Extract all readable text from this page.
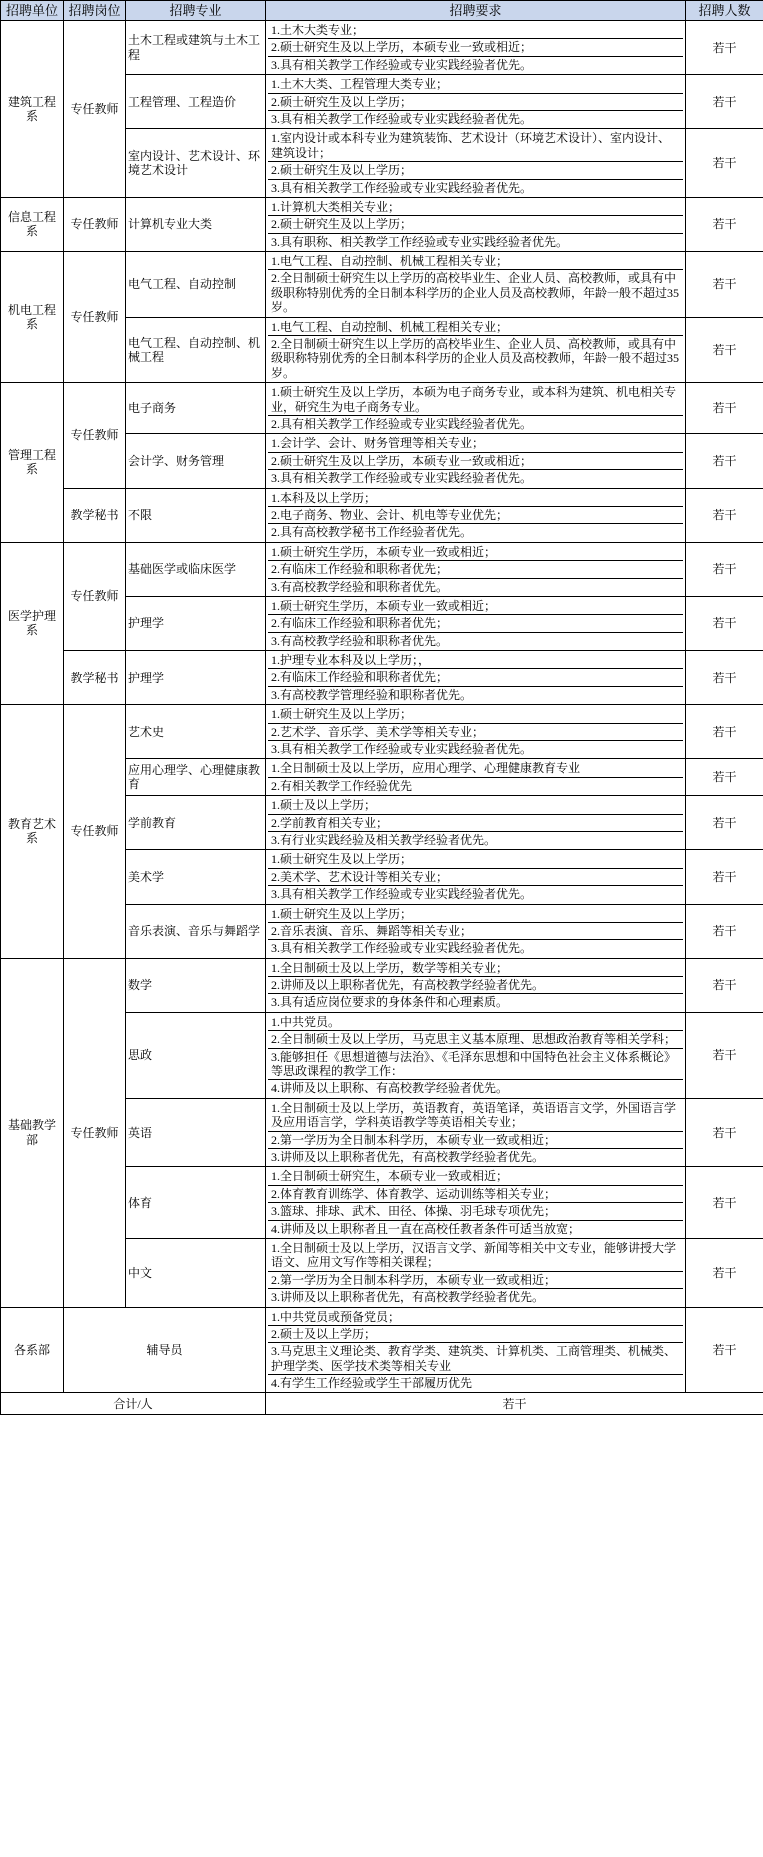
招聘单位	招聘岗位	招聘专业	招聘要求	招聘人数
建筑工程系	专任教师	土木工程或建筑与土木工程	1.土木大类专业；
2.硕士研究生及以上学历，本硕专业一致或相近；
3.具有相关教学工作经验或专业实践经验者优先。	若干
		工程管理、工程造价	1.土木大类、工程管理大类专业；
2.硕士研究生及以上学历；
3.具有相关教学工作经验或专业实践经验者优先。	若干
		室内设计、艺术设计、环境艺术设计	1.室内设计或本科专业为建筑装饰、艺术设计（环境艺术设计）、室内设计、建筑设计；
2.硕士研究生及以上学历；
3.具有相关教学工作经验或专业实践经验者优先。	若干
信息工程系	专任教师	计算机专业大类	1.计算机大类相关专业；
2.硕士研究生及以上学历；
3.具有职称、相关教学工作经验或专业实践经验者优先。	若干
机电工程系	专任教师	电气工程、自动控制	1.电气工程、自动控制、机械工程相关专业；
2.全日制硕士研究生以上学历的高校毕业生、企业人员、高校教师，或具有中级职称特别优秀的全日制本科学历的企业人员及高校教师，年龄一般不超过35岁。	若干
		电气工程、自动控制、机械工程	1.电气工程、自动控制、机械工程相关专业；
2.全日制硕士研究生以上学历的高校毕业生、企业人员、高校教师，或具有中级职称特别优秀的全日制本科学历的企业人员及高校教师，年龄一般不超过35岁。	若干
管理工程系	专任教师	电子商务	1.硕士研究生及以上学历，本硕为电子商务专业，或本科为建筑、机电相关专业，研究生为电子商务专业。
2.具有相关教学工作经验或专业实践经验者优先。	若干
		会计学、财务管理	1.会计学、会计、财务管理等相关专业；
2.硕士研究生及以上学历，本硕专业一致或相近；
3.具有相关教学工作经验或专业实践经验者优先。	若干
	教学秘书	不限	1.本科及以上学历；
2.电子商务、物业、会计、机电等专业优先；
2.具有高校教学秘书工作经验者优先。	若干
医学护理系	专任教师	基础医学或临床医学	1.硕士研究生学历，本硕专业一致或相近；
2.有临床工作经验和职称者优先；
3.有高校教学经验和职称者优先。	若干
		护理学	1.硕士研究生学历，本硕专业一致或相近；
2.有临床工作经验和职称者优先；
3.有高校教学经验和职称者优先。	若干
	教学秘书	护理学	1.护理专业本科及以上学历；，
2.有临床工作经验和职称者优先；
3.有高校教学管理经验和职称者优先。	若干
教育艺术系	专任教师	艺术史	1.硕士研究生及以上学历；
2.艺术学、音乐学、美术学等相关专业；
3.具有相关教学工作经验或专业实践经验者优先。	若干
		应用心理学、心理健康教育	1.全日制硕士及以上学历，应用心理学、心理健康教育专业
2.有相关教学工作经验优先	若干
		学前教育	1.硕士及以上学历；
2.学前教育相关专业；
3.有行业实践经验及相关教学经验者优先。	若干
		美术学	1.硕士研究生及以上学历；
2.美术学、艺术设计等相关专业；
3.具有相关教学工作经验或专业实践经验者优先。	若干
		音乐表演、音乐与舞蹈学	1.硕士研究生及以上学历；
2.音乐表演、音乐、舞蹈等相关专业；
3.具有相关教学工作经验或专业实践经验者优先。	若干
基础教学部	专任教师	数学	1.全日制硕士及以上学历，数学等相关专业；
2.讲师及以上职称者优先，有高校教学经验者优先。
3.具有适应岗位要求的身体条件和心理素质。	若干
		思政	1.中共党员。
2.全日制硕士及以上学历，马克思主义基本原理、思想政治教育等相关学科；
3.能够担任《思想道德与法治》、《毛泽东思想和中国特色社会主义体系概论》等思政课程的教学工作：
4.讲师及以上职称、有高校教学经验者优先。	若干
		英语	1.全日制硕士及以上学历，英语教育，英语笔译，英语语言文学，外国语言学及应用语言学，学科英语教学等英语相关专业；
2.第一学历为全日制本科学历，本硕专业一致或相近；
3.讲师及以上职称者优先，有高校教学经验者优先。	若干
		体育	1.全日制硕士研究生，本硕专业一致或相近；
2.体育教育训练学、体育教学、运动训练等相关专业；
3.篮球、排球、武术、田径、体操、羽毛球专项优先；
4.讲师及以上职称者且一直在高校任教者条件可适当放宽；	若干
		中文	1.全日制硕士及以上学历，汉语言文学、新闻等相关中文专业，能够讲授大学语文、应用文写作等相关课程；
2.第一学历为全日制本科学历，本硕专业一致或相近；
3.讲师及以上职称者优先，有高校教学经验者优先。	若干
各系部	辅导员		1.中共党员或预备党员；
2.硕士及以上学历；
3.马克思主义理论类、教育学类、建筑类、计算机类、工商管理类、机械类、护理学类、医学技术类等相关专业
4.有学生工作经验或学生干部履历优先	若干
合计/人			若干	
